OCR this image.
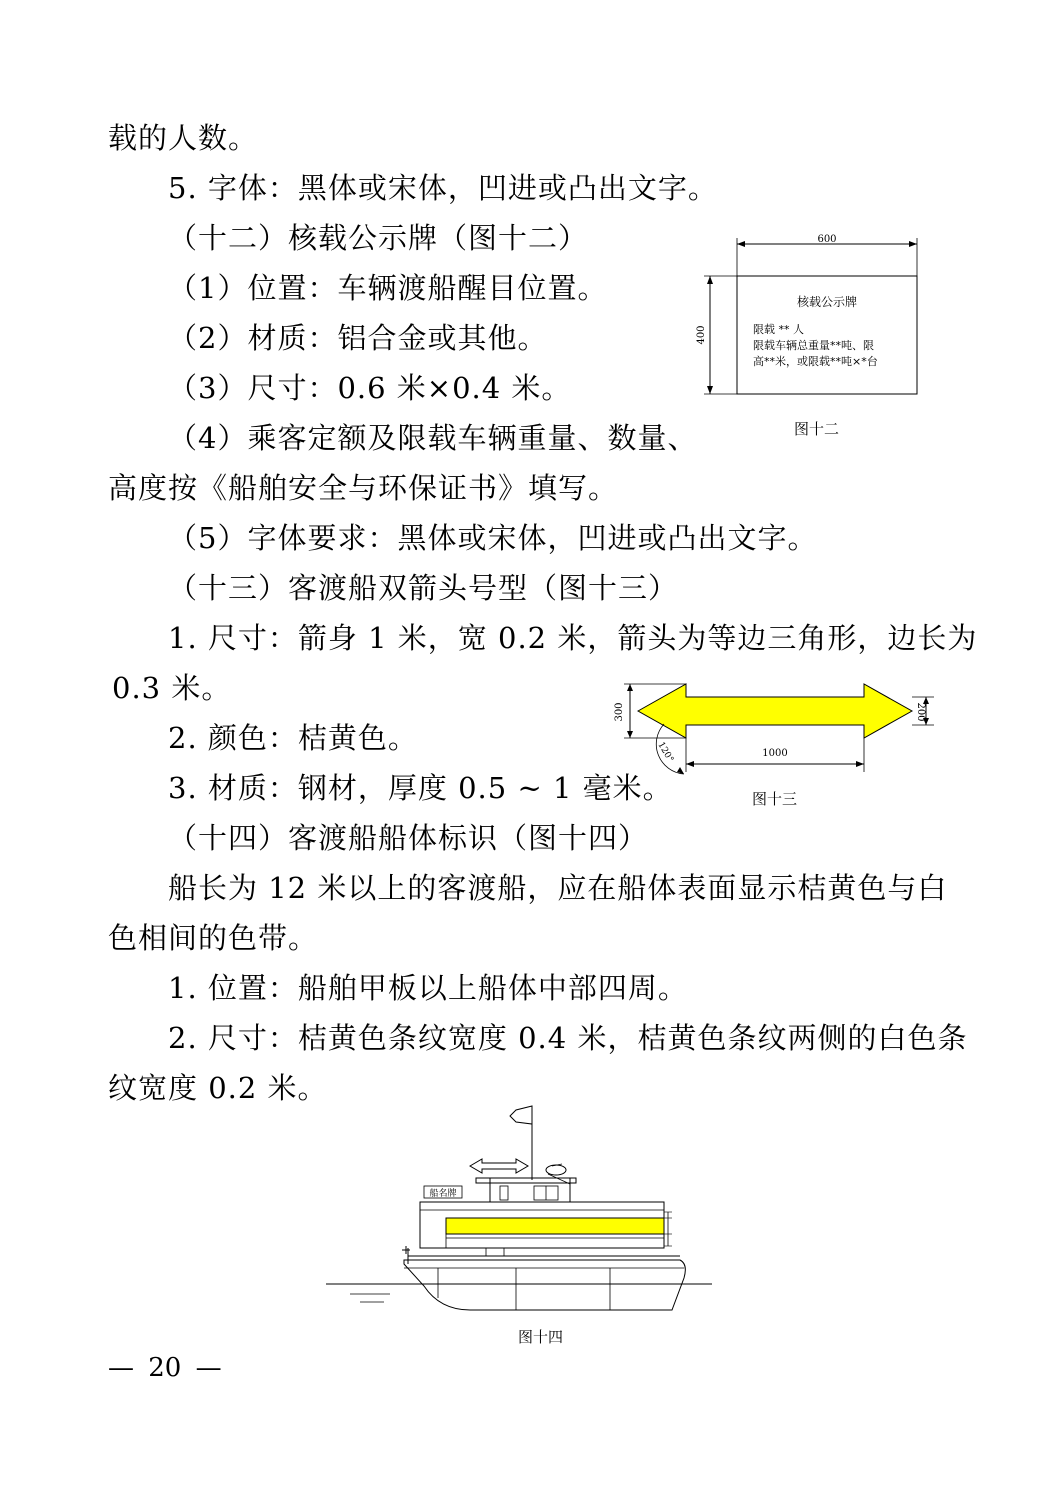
载的人数。
5. 字体：黑体或宋体，凹进或凸出文字。
（十二）核载公示牌（图十二）
（1）位置：车辆渡船醒目位置。
（2）材质：铝合金或其他。
（3）尺寸：0.6 米×0.4 米。
（4）乘客定额及限载车辆重量、数量、
高度按《船舶安全与环保证书》填写。
（5）字体要求：黑体或宋体，凹进或凸出文字。
（十三）客渡船双箭头号型（图十三）
1. 尺寸：箭身 1 米，宽 0.2 米，箭头为等边三角形，边长为
0.3 米。
2. 颜色：桔黄色。
3. 材质：钢材，厚度 0.5 ~ 1 毫米。
（十四）客渡船船体标识（图十四）
船长为 12 米以上的客渡船，应在船体表面显示桔黄色与白
色相间的色带。
1. 位置：船舶甲板以上船体中部四周。
2. 尺寸：桔黄色条纹宽度 0.4 米，桔黄色条纹两侧的白色条
纹宽度 0.2 米。
600
400
核载公示牌
限载 ** 人
限载车辆总重量**吨、限
高**米，或限载**吨×*台
图十二
300	200
1000
120°
图十三
船名牌
图十四
— 20 —
